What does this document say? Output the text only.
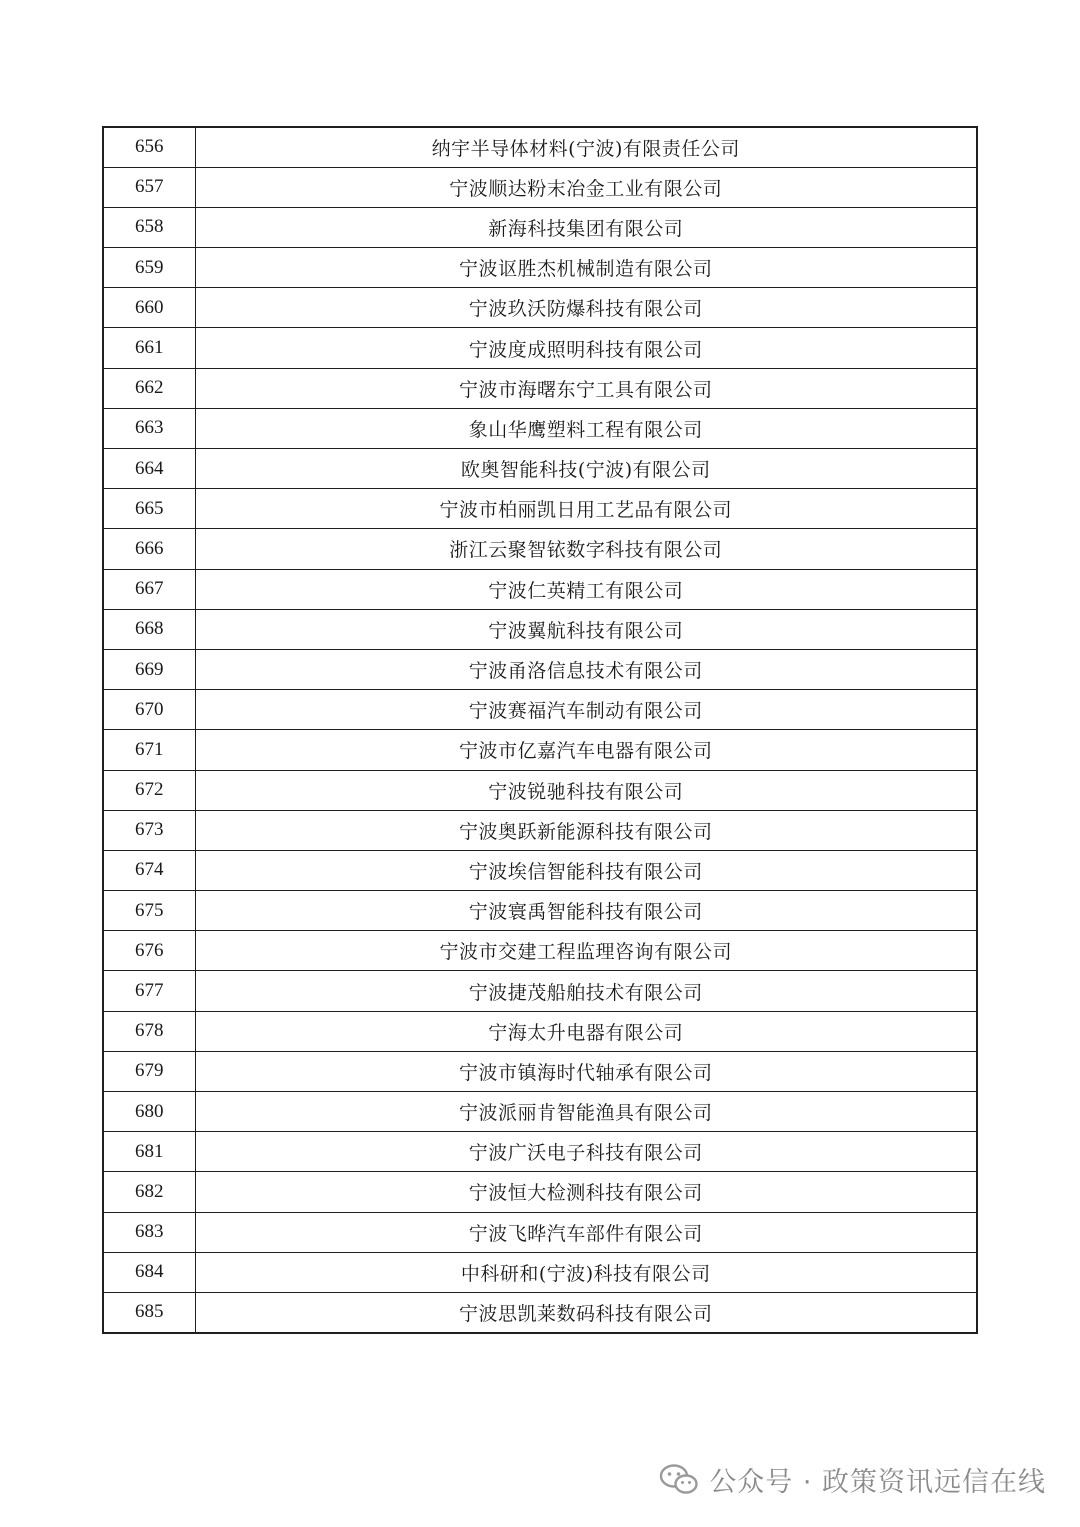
656	纳宇半导体材料(宁波)有限责任公司
657	宁波顺达粉末冶金工业有限公司
658	新海科技集团有限公司
659	宁波讴胜杰机械制造有限公司
660	宁波玖沃防爆科技有限公司
661	宁波度成照明科技有限公司
662	宁波市海曙东宁工具有限公司
663	象山华鹰塑料工程有限公司
664	欧奥智能科技(宁波)有限公司
665	宁波市柏丽凯日用工艺品有限公司
666	浙江云聚智铱数字科技有限公司
667	宁波仁英精工有限公司
668	宁波翼航科技有限公司
669	宁波甬洛信息技术有限公司
670	宁波赛福汽车制动有限公司
671	宁波市亿嘉汽车电器有限公司
672	宁波锐驰科技有限公司
673	宁波奥跃新能源科技有限公司
674	宁波埃信智能科技有限公司
675	宁波寰禹智能科技有限公司
676	宁波市交建工程监理咨询有限公司
677	宁波捷茂船舶技术有限公司
678	宁海太升电器有限公司
679	宁波市镇海时代轴承有限公司
680	宁波派丽肯智能渔具有限公司
681	宁波广沃电子科技有限公司
682	宁波恒大检测科技有限公司
683	宁波飞晔汽车部件有限公司
684	中科研和(宁波)科技有限公司
685	宁波思凯莱数码科技有限公司
公众号 · 政策资讯远信在线
